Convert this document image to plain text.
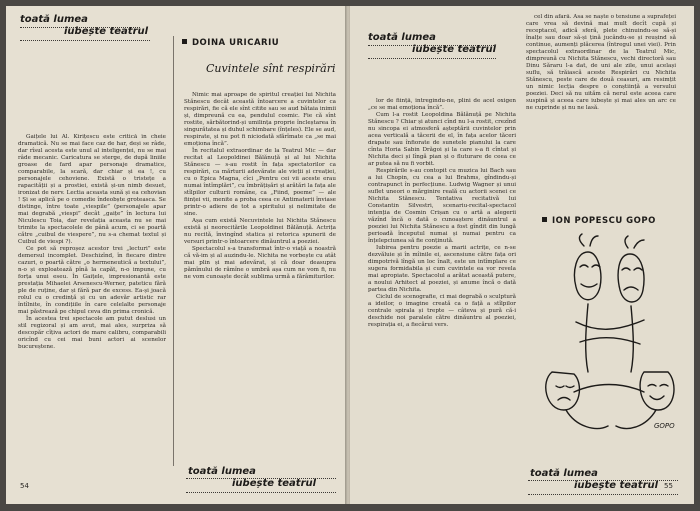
toată lumea
iubește teatrul

Gaițele lui Al. Kirițescu este critică în cheie dramatică. Nu se mai face caz de har, deși se râde, dar rîsul acesta este unul al inteligenței, nu se mai râde mecanic. Caricatura se sterge, de după liniile groase de fard apar personaje dramatice, comparabile, la scară, dar chiar și ea !, cu personajele cehoviene. Există o tristețe a rapacității și a prostiei, există și-un nimb desuet, ironizat de nerv. Lectia aceasta sună și ea cehovian ! Și se aplică pe o comedie îndeobște groteasca. Se distinge, între toate „viespile” (personajele apar mai degrabă „viespi” decât „gaițe” în lectura lui Niculescu Toia, dar revelația aceasta nu se mai trimite la spectacolele de până acum, ci se poartă către „cuibul de viespere”, nu s-a chemat textul și Cuibul de viespi ?).

Ce pot să reproșez acestor trei „lecturi” este demersul incomplet. Deschizînd, în fiecare dintre cazuri, o poartă către „o hermeneutică a textului”, n-o și exploatează pînă la capăt, n-o impune, cu forța unui eseu. În Gaițele, impresionantă este prestația Mihaelei Arsenescu-Werner, pateticu fără ple de ruține, dar și fără par de excess. Ea-și joacă rolul cu o credință și cu un adevăr artistic rar întîlnite, în condițiile în care celelalte personaje mai păstrează pe chipul ceva din prima cronică.

În acestea trei spectacole am putut deslusi un stil regizoral și am avut, mai ales, surpriza să descopăr cîțiva actori de mare calibru, comparabili oricînd cu cei mai buni actori ai scenelor bucureștene.

DOINA URICARIU
Cuvintele sînt respirări

Nimic mai aproape de spiritul creației lui Nichita Stănescu decât această întoarcere a cuvintelor ca respirări, fie că ele sînt citite sau se aud bătaia inimii și, dimpreună cu ea, pendulul cosmic. Fie că sînt rostite, sărbătorind-și umilința proprie încleștarea în singurătatea și duhul schimbare (înțeles). Ele se aud, respirate, și nu pot fi niciodată sfărîmate ca „se mai emoționa încă”.

În recitalul extraordinar de la Teatrul Mic — dar recitat al Leopoldinei Bălănuță și al lui Nichita Stănescu — s-au rostit în fața spectatorilor ca respirări, ca mărturii adevărate ale vieții și creației, cu o Epica Magna, cîci „Pentru cei vii aceste erau numai întîmplări”, cu îmbrățișări și arătări la fața ale stîlpilor culturii române, ca „Fiind, poeme” — ale ființei vii, menite a proba ceea ce Antimaterii înviase printr-o adiere de tot a spiritului și nelimitate de sine.

Așa cum există Necuvintele lui Nichita Stănescu există și neorecitările Leopoldinei Bălănuță. Actrița nu recită, învingînd statica și retorica spunerii de versuri printr-o întoarcere dinăuntrul a poeziei.

Spectacolul s-a transformat într-o viață a noastră că vă-im și al auzindu-le. Nichita ne vorbește cu atât mai plin și mai adevărat, și că doar deasupra pămînului de rămîne o umbră așa cum ne vom fi, nu ne vom cunoaște decât sublima urmă a fărâmiturilor.

toată lumea
iubește teatrul
54
toată lumea
iubește teatrul

lor de ființă, întregindu-ne, plini de acel oxigen „ce se mai emoționa încă”.

Cum l-a rostit Leopoldina Bălănuță pe Nichita Stănescu ? Chiar și atunci cînd nu l-a rostit, crezînd nu sincopa ei atmosferă așteptării cuvintelor prin acea verticală a tăcerii de el, în fața acelor tăceri drapate sau înfiorate de sunetele pianului la care cînta Horia Sabin Drăgoi și la care s-a fi cîntat și Nichita deci și lîngă pian și o fluturare de ceea ce ar putea să nu fi vorbit.

Respirările s-au contopit cu muzica lui Bach sau a lui Chopin, cu cea a lui Brahms, gîndindu-și contrapunct în perfecțiune. Ludwig Wagner și unui suflet uneori o mărginire reală cu actorii scenei ce Nichita Stănescu. Tentativa recitativă lui Constantin Silvestri, scenariu-recital-spectacol intenția de Cosmin Crișan cu o artă a alegerii văzînd încă o dată o cunoaștere dinăuntrul a poeziei lui Nichita Stănescu a fost gîndit din lungă perioadă începutul numai și numai pentru ca înțelepciunea să fie conținută.

Iubirea pentru poezie a marii actrițe, ce n-se dezvăluie și în mîinile ei, ascensiune către fața ori dimpotrivă lîngă un loc înalt, este un intîmplare ce sugera formidabila și cum cuvintele ea vor revela mai apropiate. Spectacolul a arătat această putere, a noului Arhitect al poeziei, și anume încă o dată partea din Nichita.

Ciclul de scenografie, ci mai degrabă o sculptură a ideilor, o imagine creată ca o față a stîlpilor centrale spirala și trepte — câteva și pură că-i deschide noi paralele către dinăuntru al poeziei, respirația ei, a fiecărui vers.

cel din afară. Asa se naște o tensiune a suprafeței care vrea să devină mai mult decît cupă și receptacol, adică sferă, plete chinuindu-se să-și înalțe sau doar să-și țină jucându-se și reușind să continue, aumenți plăcerea (întregul unei viei). Prin spectacolul extraordinar de la Teatrul Mic, dimpreună cu Nichita Stănescu, vechi directoră sau Dinu Săraru l-a dat, de uni ale zile, unui același suflu, să trăiască aceste Respirări cu Nichita Stănescu, peste care de două ceasuri, am resimțit un nimic lecția despre o conștiință a versului poeziei. Deci să nu uităm că nerul este aceea care suspină și aceea care iubește și mai ales un arc ce ne cuprinde și nu ne lasă.

ION POPESCU GOPO
GOPO
toată lumea
iubește teatrul 55
